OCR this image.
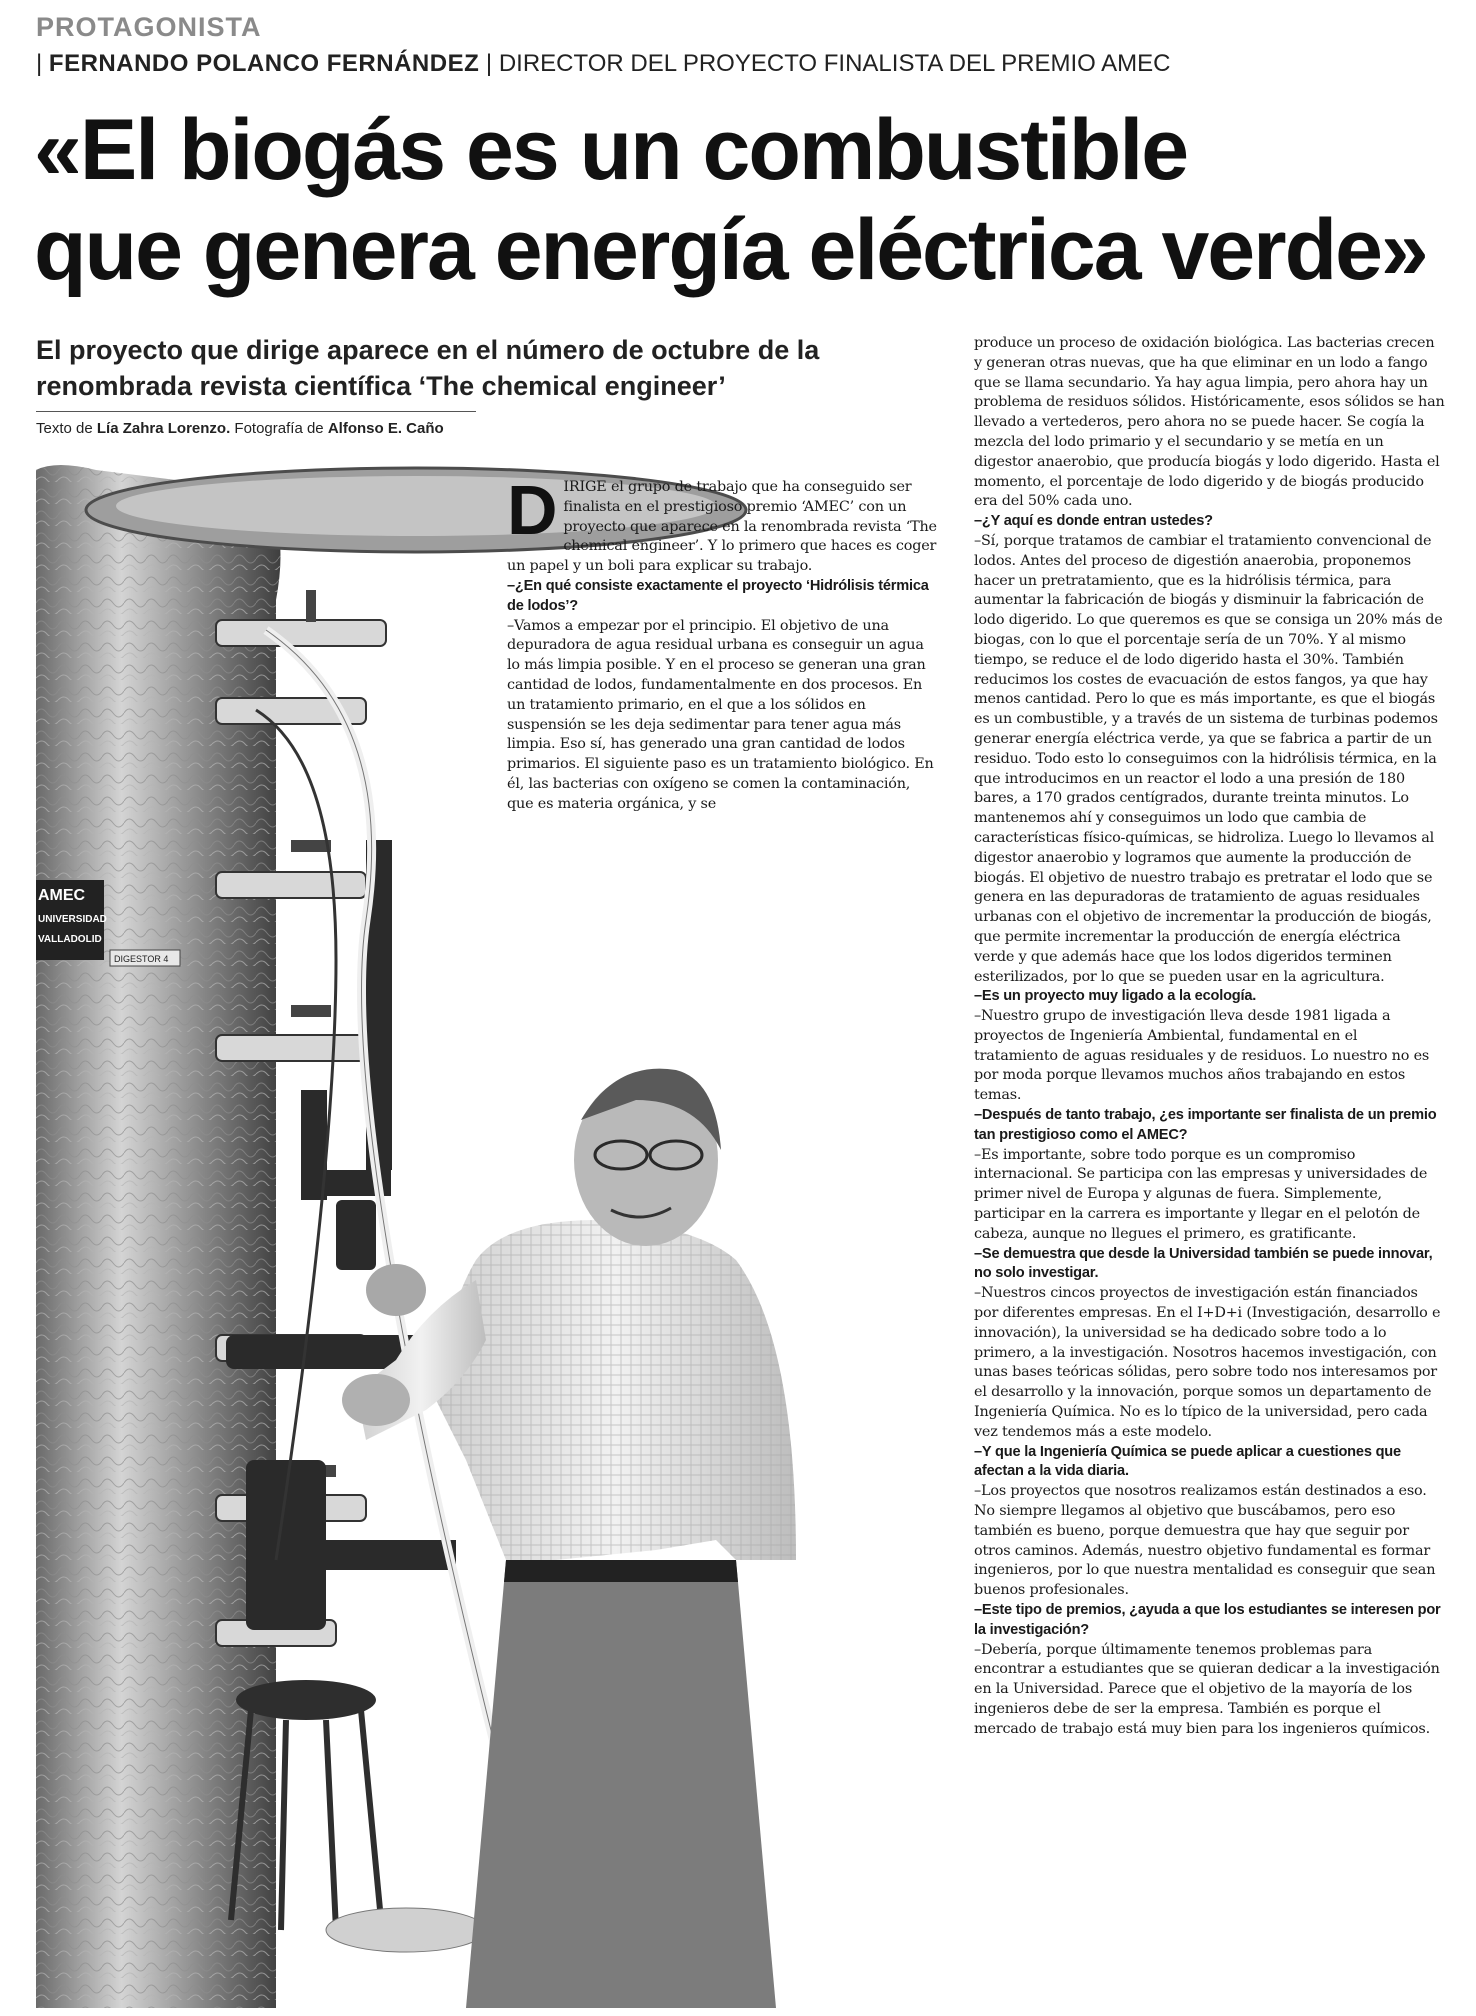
PROTAGONISTA
| FERNANDO POLANCO FERNÁNDEZ | DIRECTOR DEL PROYECTO FINALISTA DEL PREMIO AMEC
«El biogás es un combustible
que genera energía eléctrica verde»
El proyecto que dirige aparece en el número de octubre de la
renombrada revista científica ‘The chemical engineer’
Texto de Lía Zahra Lorenzo. Fotografía de Alfonso E. Caño
AMEC
UNIVERSIDAD
VALLADOLID
DIGESTOR 4

DIRIGE el grupo de trabajo que ha conseguido ser finalista en el prestigioso premio ‘AMEC’ con un proyecto que aparece en la renombrada revista ‘The chemical engineer’. Y lo primero que haces es coger un papel y un boli para explicar su trabajo.

–¿En qué consiste exactamente el proyecto ‘Hidrólisis térmica de lodos’?

–Vamos a empezar por el principio. El objetivo de una depuradora de agua residual urbana es conseguir un agua lo más limpia posible. Y en el proceso se generan una gran cantidad de lodos, fundamentalmente en dos procesos. En un tratamiento primario, en el que a los sólidos en suspensión se les deja sedimentar para tener agua más limpia. Eso sí, has generado una gran cantidad de lodos primarios. El siguiente paso es un tratamiento biológico. En él, las bacterias con oxígeno se comen la contaminación, que es materia orgánica, y se

produce un proceso de oxidación biológica. Las bacterias crecen y generan otras nuevas, que ha que eliminar en un lodo a fango que se llama secundario. Ya hay agua limpia, pero ahora hay un problema de residuos sólidos. Históricamente, esos sólidos se han llevado a vertederos, pero ahora no se puede hacer. Se cogía la mezcla del lodo primario y el secundario y se metía en un digestor anaerobio, que producía biogás y lodo digerido. Hasta el momento, el porcentaje de lodo digerido y de biogás producido era del 50% cada uno.

–¿Y aquí es donde entran ustedes?

–Sí, porque tratamos de cambiar el tratamiento convencional de lodos. Antes del proceso de digestión anaerobia, proponemos hacer un pretratamiento, que es la hidrólisis térmica, para aumentar la fabricación de biogás y disminuir la fabricación de lodo digerido. Lo que queremos es que se consiga un 20% más de biogas, con lo que el porcentaje sería de un 70%. Y al mismo tiempo, se reduce el de lodo digerido hasta el 30%. También reducimos los costes de evacuación de estos fangos, ya que hay menos cantidad. Pero lo que es más importante, es que el biogás es un combustible, y a través de un sistema de turbinas podemos generar energía eléctrica verde, ya que se fabrica a partir de un residuo. Todo esto lo conseguimos con la hidrólisis térmica, en la que introducimos en un reactor el lodo a una presión de 180 bares, a 170 grados centígrados, durante treinta minutos. Lo mantenemos ahí y conseguimos un lodo que cambia de características físico-químicas, se hidroliza. Luego lo llevamos al digestor anaerobio y logramos que aumente la producción de biogás. El objetivo de nuestro trabajo es pretratar el lodo que se genera en las depuradoras de tratamiento de aguas residuales urbanas con el objetivo de incrementar la producción de biogás, que permite incrementar la producción de energía eléctrica verde y que además hace que los lodos digeridos terminen esterilizados, por lo que se pueden usar en la agricultura.

–Es un proyecto muy ligado a la ecología.

–Nuestro grupo de investigación lleva desde 1981 ligada a proyectos de Ingeniería Ambiental, fundamental en el tratamiento de aguas residuales y de residuos. Lo nuestro no es por moda porque llevamos muchos años trabajando en estos temas.

–Después de tanto trabajo, ¿es importante ser finalista de un premio tan prestigioso como el AMEC?

–Es importante, sobre todo porque es un compromiso internacional. Se participa con las empresas y universidades de primer nivel de Europa y algunas de fuera. Simplemente, participar en la carrera es importante y llegar en el pelotón de cabeza, aunque no llegues el primero, es gratificante.

–Se demuestra que desde la Universidad también se puede innovar, no solo investigar.

–Nuestros cincos proyectos de investigación están financiados por diferentes empresas. En el I+D+i (Investigación, desarrollo e innovación), la universidad se ha dedicado sobre todo a lo primero, a la investigación. Nosotros hacemos investigación, con unas bases teóricas sólidas, pero sobre todo nos interesamos por el desarrollo y la innovación, porque somos un departamento de Ingeniería Química. No es lo típico de la universidad, pero cada vez tendemos más a este modelo.

–Y que la Ingeniería Química se puede aplicar a cuestiones que afectan a la vida diaria.

–Los proyectos que nosotros realizamos están destinados a eso. No siempre llegamos al objetivo que buscábamos, pero eso también es bueno, porque demuestra que hay que seguir por otros caminos. Además, nuestro objetivo fundamental es formar ingenieros, por lo que nuestra mentalidad es conseguir que sean buenos profesionales.

–Este tipo de premios, ¿ayuda a que los estudiantes se interesen por la investigación?

–Debería, porque últimamente tenemos problemas para encontrar a estudiantes que se quieran dedicar a la investigación en la Universidad. Parece que el objetivo de la mayoría de los ingenieros debe de ser la empresa. También es porque el mercado de trabajo está muy bien para los ingenieros químicos.
